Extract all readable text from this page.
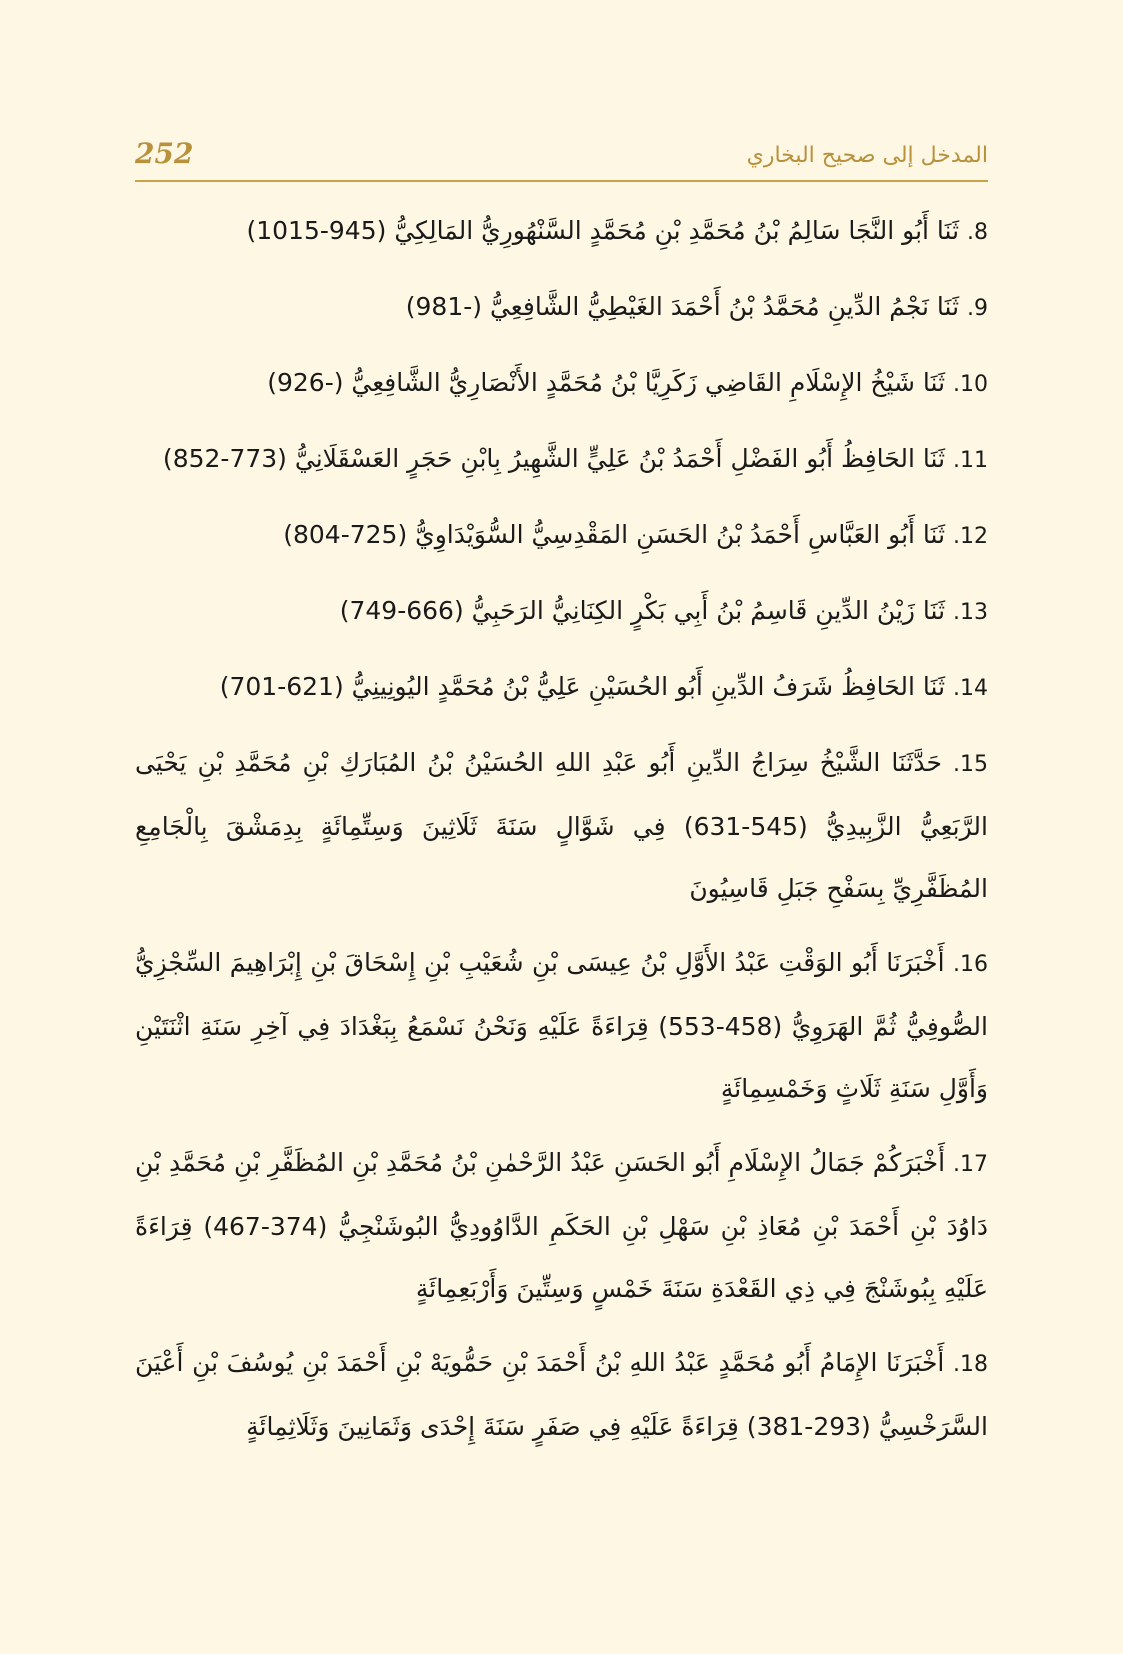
252	المدخل إلى صحيح البخاري

8. ثَنَا أَبُو النَّجَا سَالِمُ بْنُ مُحَمَّدِ بْنِ مُحَمَّدٍ السَّنْهُورِيُّ المَالِكِيُّ (945-1015)

9. ثَنَا نَجْمُ الدِّينِ مُحَمَّدُ بْنُ أَحْمَدَ الغَيْطِيُّ الشَّافِعِيُّ (-981)

10. ثَنَا شَيْخُ الإِسْلَامِ القَاضِي زَكَرِيَّا بْنُ مُحَمَّدٍ الأَنْصَارِيُّ الشَّافِعِيُّ (-926)

11. ثَنَا الحَافِظُ أَبُو الفَضْلِ أَحْمَدُ بْنُ عَلِيٍّ الشَّهِيرُ بِابْنِ حَجَرٍ العَسْقَلَانِيُّ (773-852)

12. ثَنَا أَبُو العَبَّاسِ أَحْمَدُ بْنُ الحَسَنِ المَقْدِسِيُّ السُّوَيْدَاوِيُّ (725-804)

13. ثَنَا زَيْنُ الدِّينِ قَاسِمُ بْنُ أَبِي بَكْرٍ الكِنَانِيُّ الرَحَبِيُّ (666-749)

14. ثَنَا الحَافِظُ شَرَفُ الدِّينِ أَبُو الحُسَيْنِ عَلِيُّ بْنُ مُحَمَّدٍ اليُونِينِيُّ (621-701)

15. حَدَّثَنَا الشَّيْخُ سِرَاجُ الدِّينِ أَبُو عَبْدِ اللهِ الحُسَيْنُ بْنُ المُبَارَكِ بْنِ مُحَمَّدِ بْنِ يَحْيَى الرَّبَعِيُّ الزَّبِيدِيُّ (545-631) فِي شَوَّالٍ سَنَةَ ثَلَاثِينَ وَسِتِّمِائَةٍ بِدِمَشْقَ بِالْجَامِعِ المُظَفَّرِيِّ بِسَفْحِ جَبَلِ قَاسِيُونَ

16. أَخْبَرَنَا أَبُو الوَقْتِ عَبْدُ الأَوَّلِ بْنُ عِيسَى بْنِ شُعَيْبِ بْنِ إِسْحَاقَ بْنِ إِبْرَاهِيمَ السِّجْزِيُّ الصُّوفِيُّ ثُمَّ الهَرَوِيُّ (458-553) قِرَاءَةً عَلَيْهِ وَنَحْنُ نَسْمَعُ بِبَغْدَادَ فِي آخِرِ سَنَةِ اثْنَتَيْنِ وَأَوَّلِ سَنَةِ ثَلَاثٍ وَخَمْسِمِائَةٍ

17. أَخْبَرَكُمْ جَمَالُ الإِسْلَامِ أَبُو الحَسَنِ عَبْدُ الرَّحْمٰنِ بْنُ مُحَمَّدِ بْنِ المُظَفَّرِ بْنِ مُحَمَّدِ بْنِ دَاوُدَ بْنِ أَحْمَدَ بْنِ مُعَاذِ بْنِ سَهْلِ بْنِ الحَكَمِ الدَّاوُودِيُّ البُوشَنْجِيُّ (374-467) قِرَاءَةً عَلَيْهِ بِبُوشَنْجَ فِي ذِي القَعْدَةِ سَنَةَ خَمْسٍ وَسِتِّينَ وَأَرْبَعِمِائَةٍ

18. أَخْبَرَنَا الإِمَامُ أَبُو مُحَمَّدٍ عَبْدُ اللهِ بْنُ أَحْمَدَ بْنِ حَمُّويَهْ بْنِ أَحْمَدَ بْنِ يُوسُفَ بْنِ أَعْيَنَ السَّرَخْسِيُّ (293-381) قِرَاءَةً عَلَيْهِ فِي صَفَرٍ سَنَةَ إِحْدَى وَثَمَانِينَ وَثَلَاثِمِائَةٍ
